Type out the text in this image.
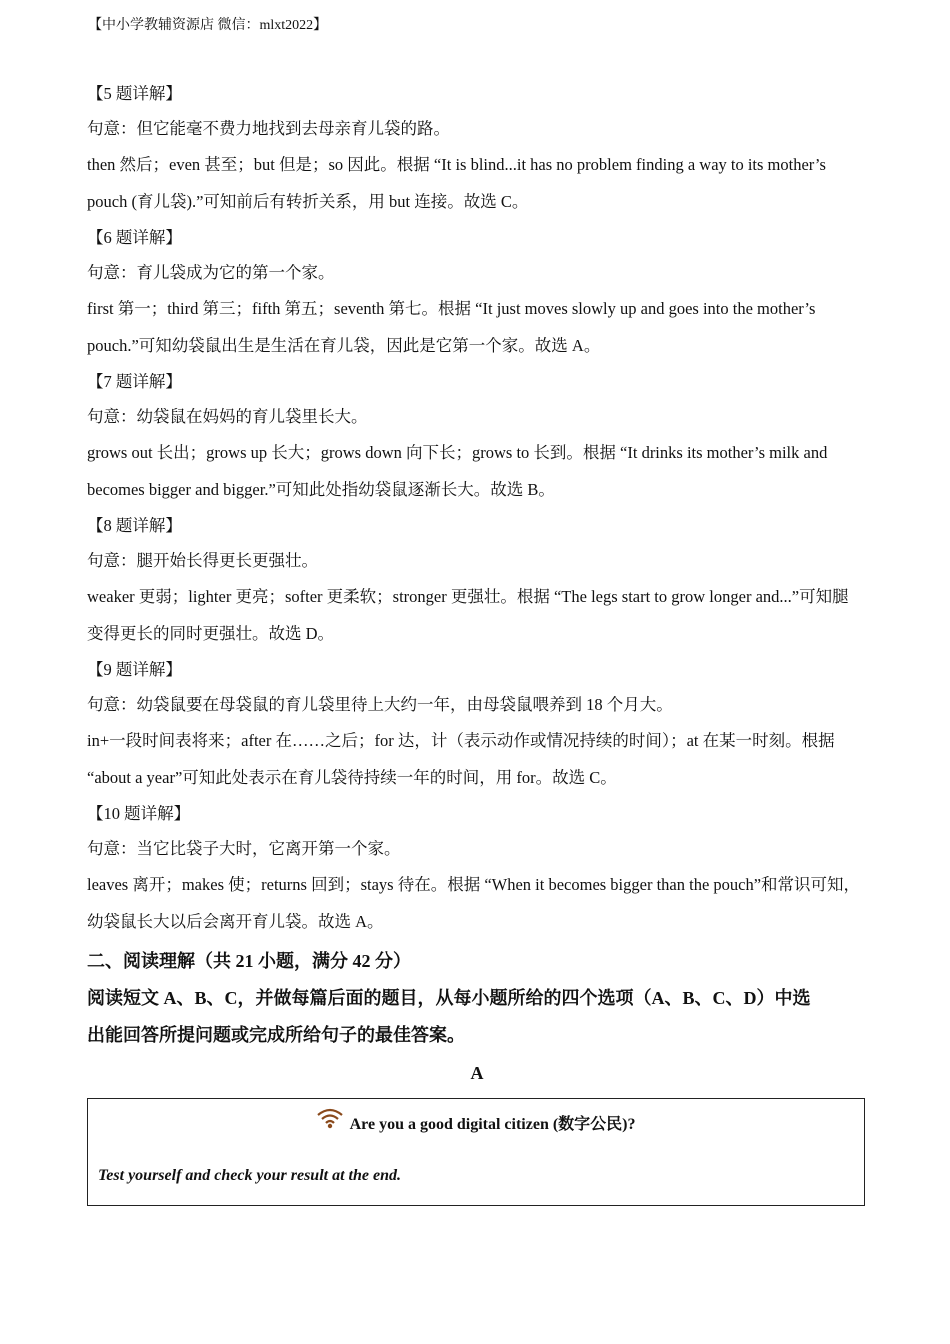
【中小学教辅资源店 微信：mlxt2022】
【5 题详解】
句意：但它能毫不费力地找到去母亲育儿袋的路。
then 然后；even 甚至；but 但是；so 因此。根据 “It is blind...it has no problem finding a way to its mother’s
pouch (育儿袋).”可知前后有转折关系，用 but 连接。故选 C。
【6 题详解】
句意：育儿袋成为它的第一个家。
first 第一；third 第三；fifth 第五；seventh 第七。根据 “It just moves slowly up and goes into the mother’s
pouch.”可知幼袋鼠出生是生活在育儿袋，因此是它第一个家。故选 A。
【7 题详解】
句意：幼袋鼠在妈妈的育儿袋里长大。
grows out 长出；grows up 长大；grows down 向下长；grows to 长到。根据 “It drinks its mother’s milk and
becomes bigger and bigger.”可知此处指幼袋鼠逐渐长大。故选 B。
【8 题详解】
句意：腿开始长得更长更强壮。
weaker 更弱；lighter 更亮；softer 更柔软；stronger 更强壮。根据 “The legs start to grow longer and...”可知腿
变得更长的同时更强壮。故选 D。
【9 题详解】
句意：幼袋鼠要在母袋鼠的育儿袋里待上大约一年，由母袋鼠喂养到 18 个月大。
in+一段时间表将来；after 在……之后；for 达，计（表示动作或情况持续的时间）；at 在某一时刻。根据
“about a year”可知此处表示在育儿袋待持续一年的时间，用 for。故选 C。
【10 题详解】
句意：当它比袋子大时，它离开第一个家。
leaves 离开；makes 使；returns 回到；stays 待在。根据 “When it becomes bigger than the pouch”和常识可知，
幼袋鼠长大以后会离开育儿袋。故选 A。
二、阅读理解（共 21 小题，满分 42 分）
阅读短文 A、B、C，并做每篇后面的题目，从每小题所给的四个选项（A、B、C、D）中选
出能回答所提问题或完成所给句子的最佳答案。
A
Are you a good digital citizen (数字公民)?
Test yourself and check your result at the end.
